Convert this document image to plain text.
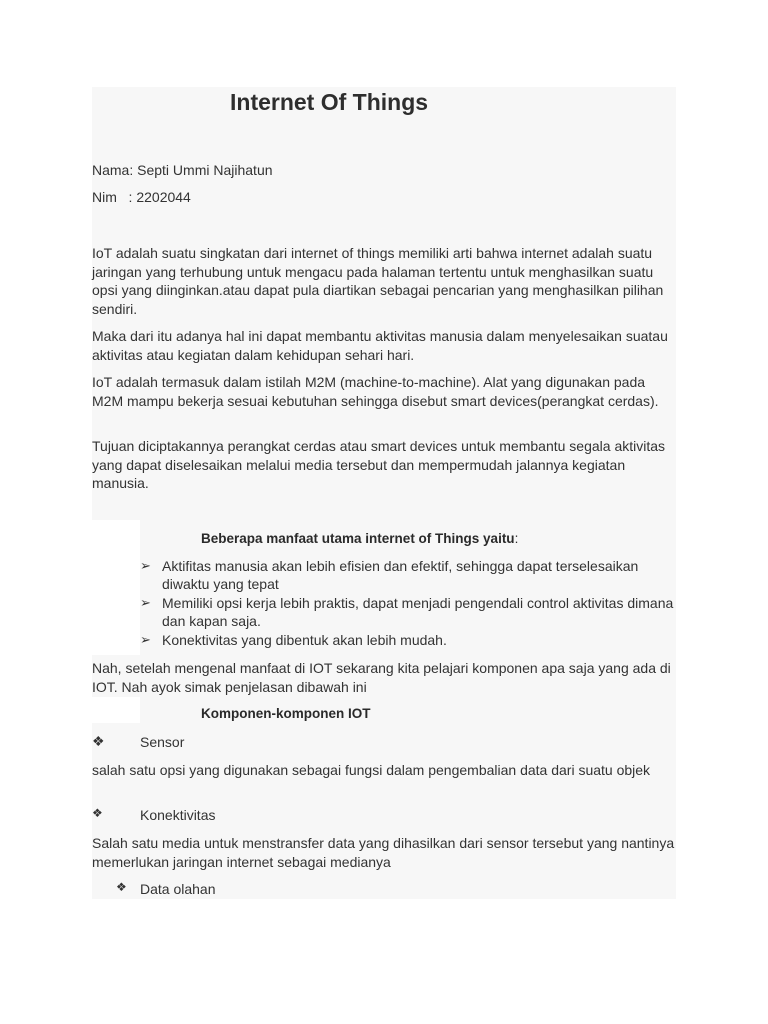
Internet Of Things
Nama: Septi Ummi Najihatun
Nim   : 2202044

IoT adalah suatu singkatan dari internet of things memiliki arti bahwa internet adalah suatu jaringan yang terhubung untuk mengacu pada halaman tertentu untuk menghasilkan suatu opsi yang diinginkan.atau dapat pula diartikan sebagai pencarian yang menghasilkan pilihan sendiri.

Maka dari itu adanya hal ini dapat membantu aktivitas manusia dalam menyelesaikan suatau aktivitas atau kegiatan dalam kehidupan sehari hari.

IoT adalah termasuk dalam istilah M2M (machine-to-machine). Alat yang digunakan pada M2M mampu bekerja sesuai kebutuhan sehingga disebut smart devices(perangkat cerdas).

Tujuan diciptakannya perangkat cerdas atau smart devices untuk membantu segala aktivitas yang dapat diselesaikan melalui media tersebut dan mempermudah jalannya kegiatan manusia.

Beberapa manfaat utama internet of Things yaitu:
➢ Aktifitas manusia akan lebih efisien dan efektif, sehingga dapat terselesaikan diwaktu yang tepat
➢ Memiliki opsi kerja lebih praktis, dapat menjadi pengendali control aktivitas dimana dan kapan saja.
➢ Konektivitas yang dibentuk akan lebih mudah.

Nah, setelah mengenal manfaat di IOT sekarang kita pelajari komponen apa saja yang ada di IOT. Nah ayok simak penjelasan dibawah ini

Komponen-komponen IOT
❖	Sensor

salah satu opsi yang digunakan sebagai fungsi dalam pengembalian data dari suatu objek

❖	Konektivitas

Salah satu media untuk menstransfer data yang dihasilkan dari sensor tersebut yang nantinya memerlukan jaringan internet sebagai medianya

❖ Data olahan
